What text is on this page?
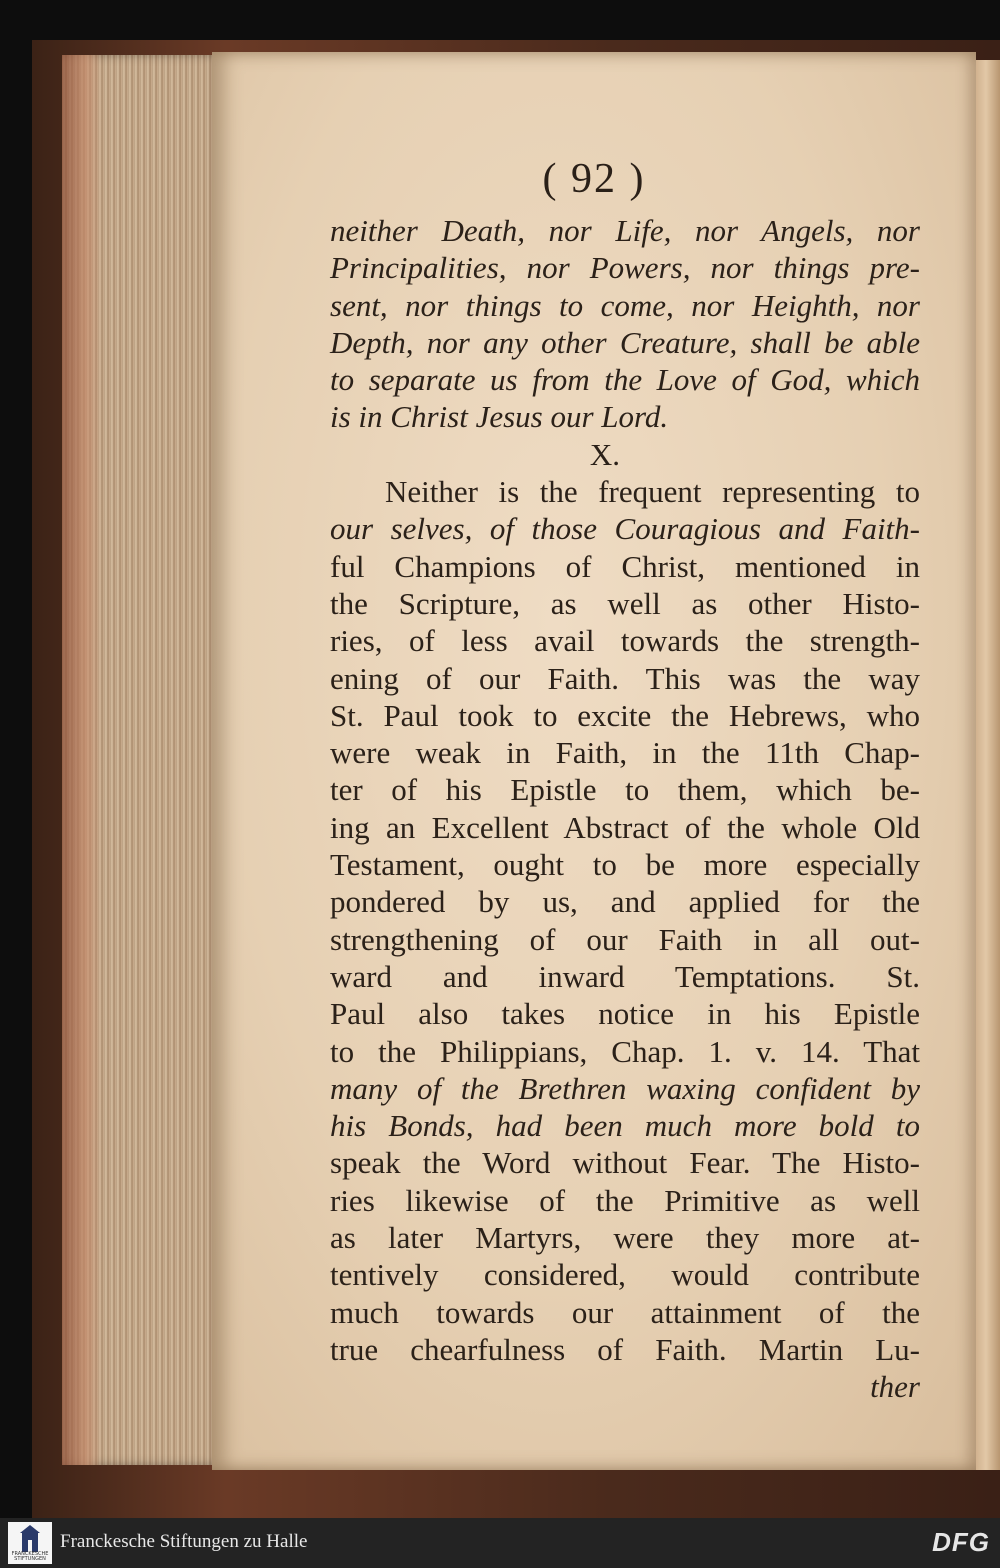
( 92 )
neither Death, nor Life, nor Angels, nor
Principalities, nor Powers, nor things pre-
sent, nor things to come, nor Heighth, nor
Depth, nor any other Creature, shall be able
to separate us from the Love of God, which
is in Christ Jesus our Lord.
X.
Neither is the frequent representing to
our selves, of those Couragious and Faith-
ful Champions of Christ, mentioned in
the Scripture, as well as other Histo-
ries, of less avail towards the strength-
ening of our Faith. This was the way
St. Paul took to excite the Hebrews, who
were weak in Faith, in the 11th Chap-
ter of his Epistle to them, which be-
ing an Excellent Abstract of the whole Old
Testament, ought to be more especially
pondered by us, and applied for the
strengthening of our Faith in all out-
ward and inward Temptations. St.
Paul also takes notice in his Epistle
to the Philippians, Chap. 1. v. 14. That
many of the Brethren waxing confident by
his Bonds, had been much more bold to
speak the Word without Fear. The Histo-
ries likewise of the Primitive as well
as later Martyrs, were they more at-
tentively considered, would contribute
much towards our attainment of the
true chearfulness of Faith. Martin Lu-
ther
FRANCKESCHE STIFTUNGEN
Franckesche Stiftungen zu Halle	DFG
